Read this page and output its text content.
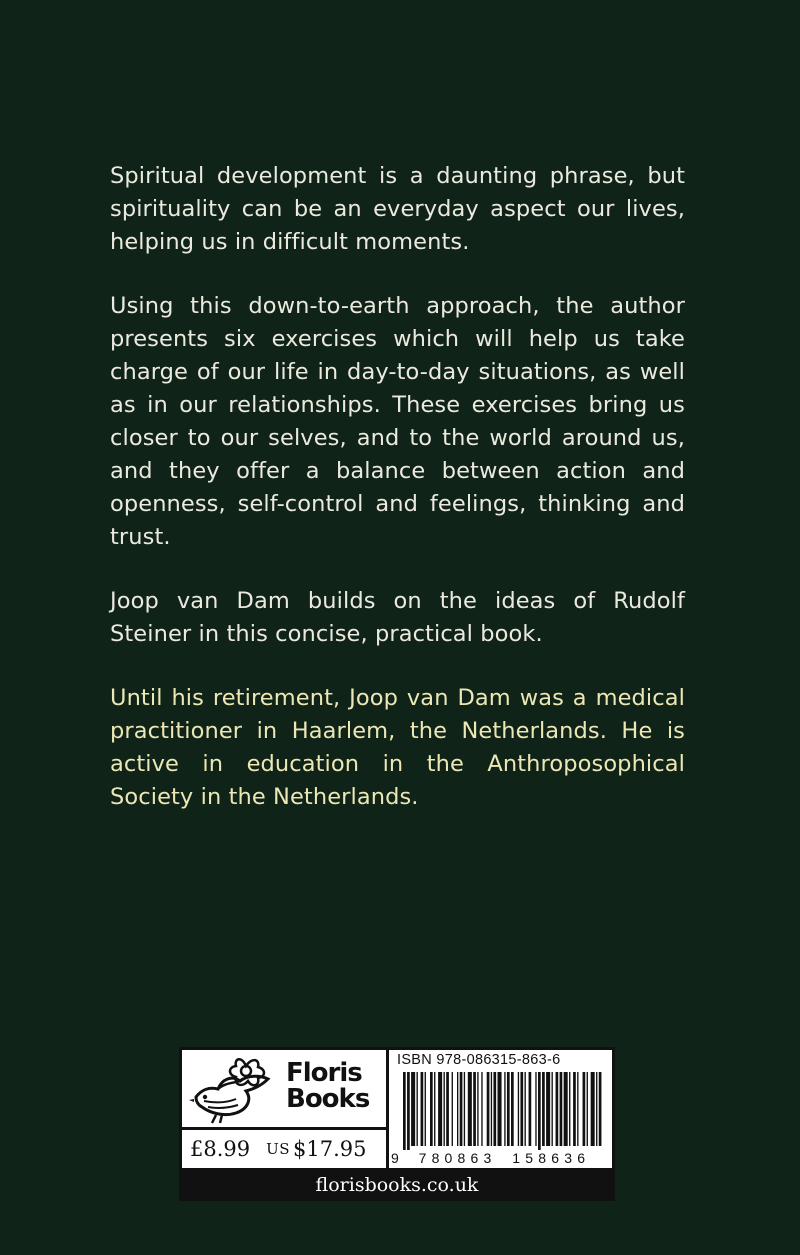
Spiritual development is a daunting phrase, but spirituality can be an everyday aspect our lives, helping us in difficult moments.

Using this down-to-earth approach, the author presents six exercises which will help us take charge of our life in day-to-day situations, as well as in our relationships. These exercises bring us closer to our selves, and to the world around us, and they offer a balance between action and openness, self-control and feelings, thinking and trust.

Joop van Dam builds on the ideas of Rudolf Steiner in this concise, practical book.

Until his retirement, Joop van Dam was a medical practitioner in Haarlem, the Netherlands. He is active in education in the Anthroposophical Society in the Netherlands.

Floris
Books
£8.99 US $17.95
ISBN 978-086315-863-6
9 780863 158636
florisbooks.co.uk
